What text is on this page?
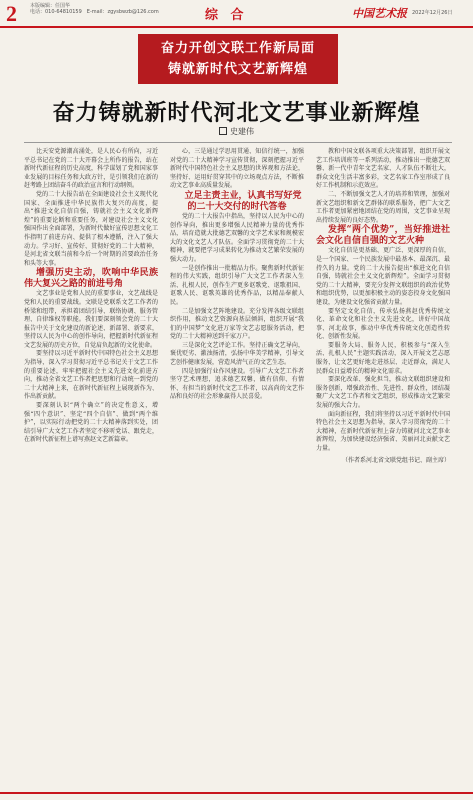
2	本版编辑：任国华
电话：010-64810159　E-mail：zgysbwzb@126.com	综 合	中国艺术报 2022年12月26日
奋力开创文联工作新局面
铸就新时代文艺新辉煌
奋力铸就新时代河北文艺事业新辉煌
史建伟

比天安党源潮高涌处，是人民心有所向，习近平总书记在党的二十大开幕会上所作的报告，站在新时代新征程的历史高度，科学谋划了党和国家事业发展的目标任务和大政方针，是引领我们在新的赶考路上团结奋斗的政治宣言和行动纲领。

党的二十大报告站在全面建设社会主义现代化国家、全面推进中华民族伟大复兴的高度，提出“推进文化自信自强，铸就社会主义文化新辉煌”的重要论断和重要任务，对建设社会主义文化强国作出全面部署，为新时代做好宣传思想文化工作指明了前进方向、提供了根本遵循，注入了强大动力。学习好、宣传好、贯彻好党的二十大精神，是河北省文联当前和今后一个时期的首要政治任务和头等大事。

增强历史主动，吹响中华民族伟大复兴之路的前进号角

文艺事业是党和人民的重要事业，文艺战线是党和人民的重要战线。文联是党联系文艺工作者的桥梁和纽带，承担着团结引导、联络协调、服务管理、自律维权等职能。我们要深刻领会党的二十大报告中关于文化建设的新论述、新部署、新要求，坚持以人民为中心的创作导向，把握新时代新征程文艺发展的历史方位，自觉肩负起新的文化使命。

要坚持以习近平新时代中国特色社会主义思想为指导，深入学习贯彻习近平总书记关于文艺工作的重要论述，牢牢把握社会主义先进文化前进方向，推动全省文艺工作者把思想和行动统一到党的二十大精神上来，在新时代新征程上展现新作为、作出新贡献。

要深刻认识“两个确立”的决定性意义，增强“四个意识”、坚定“四个自信”、做到“两个维护”，以实际行动把党的二十大精神落到实处，团结引导广大文艺工作者坚定不移听党话、跟党走，在新时代新征程上谱写燕赵文艺新篇章。

心，三是通过学思用贯通、知信行统一，加强对党的二十大精神学习宣传贯彻，深刻把握习近平新时代中国特色社会主义思想的世界观和方法论，坚持好、运用好贯穿其中的立场观点方法，不断推动文艺事业高质量发展。

立足主责主业，认真书写好党的二十大交付的时代答卷

党的二十大报告中指出，坚持以人民为中心的创作导向，推出更多增强人民精神力量的优秀作品，培育造就大批德艺双馨的文学艺术家和规模宏大的文化文艺人才队伍。全面学习贯彻党的二十大精神，就要把学习成果转化为推动文艺繁荣发展的强大动力。

一是创作推出一批精品力作。聚焦新时代新征程的伟大实践，组织引导广大文艺工作者深入生活、扎根人民，创作生产更多讴歌党、讴歌祖国、讴歌人民、讴歌英雄的优秀作品，以精品奉献人民。

二是加强文艺阵地建设。充分发挥各级文联组织作用，推动文艺资源向基层倾斜，组织开展“我们的中国梦”文化进万家等文艺志愿服务活动，把党的二十大精神送到千家万户。

三是深化文艺评论工作。坚持正确文艺导向，褒优贬劣、激浊扬清，弘扬中华美学精神，引导文艺创作健康发展，营造风清气正的文艺生态。

四是加强行业作风建设。引导广大文艺工作者坚守艺术理想，追求德艺双馨，做有信仰、有情怀、有担当的新时代文艺工作者，以高尚的文艺作品和良好的社会形象赢得人民喜爱。

教和中国文联各项重大决策部署，组织开展文艺工作培训班等一系列活动，推动推出一批德艺双馨、新一代中青年文艺名家、人才队伍不断壮大，群众文化生活丰富多彩，文艺名家工作室形成了良好工作机制和示范效应。

二、不断加强文艺人才的培养和管理，加强对新文艺组织和新文艺群体的联系服务，把广大文艺工作者更加紧密地团结在党的周围，文艺事业呈现出持续发展的良好态势。

发挥“两个优势”，当好推进社会文化自信自强的文艺火种

文化自信是更基础、更广泛、更深厚的自信，是一个国家、一个民族发展中最基本、最深沉、最持久的力量。党的二十大报告提出“推进文化自信自强，铸就社会主义文化新辉煌”。全面学习贯彻党的二十大精神，要充分发挥文联组织的政治优势和组织优势，以更加积极主动的姿态投身文化强国建设，为建设文化强省贡献力量。

要坚定文化自信，传承弘扬燕赵优秀传统文化、革命文化和社会主义先进文化，讲好中国故事、河北故事，推动中华优秀传统文化创造性转化、创新性发展。

要服务大局、服务人民，积极参与“深入生活、扎根人民”主题实践活动，深入开展文艺志愿服务，让文艺更好地走进基层、走近群众，满足人民群众日益增长的精神文化需求。

要深化改革、强化担当，推动文联组织建设和服务创新，增强政治性、先进性、群众性，团结凝聚广大文艺工作者和文艺组织，形成推动文艺繁荣发展的强大合力。

面向新征程，我们将坚持以习近平新时代中国特色社会主义思想为指导，深入学习贯彻党的二十大精神，在新时代新征程上奋力铸就河北文艺事业新辉煌，为加快建设经济强省、美丽河北贡献文艺力量。

（作者系河北省文联党组书记、副主席）
